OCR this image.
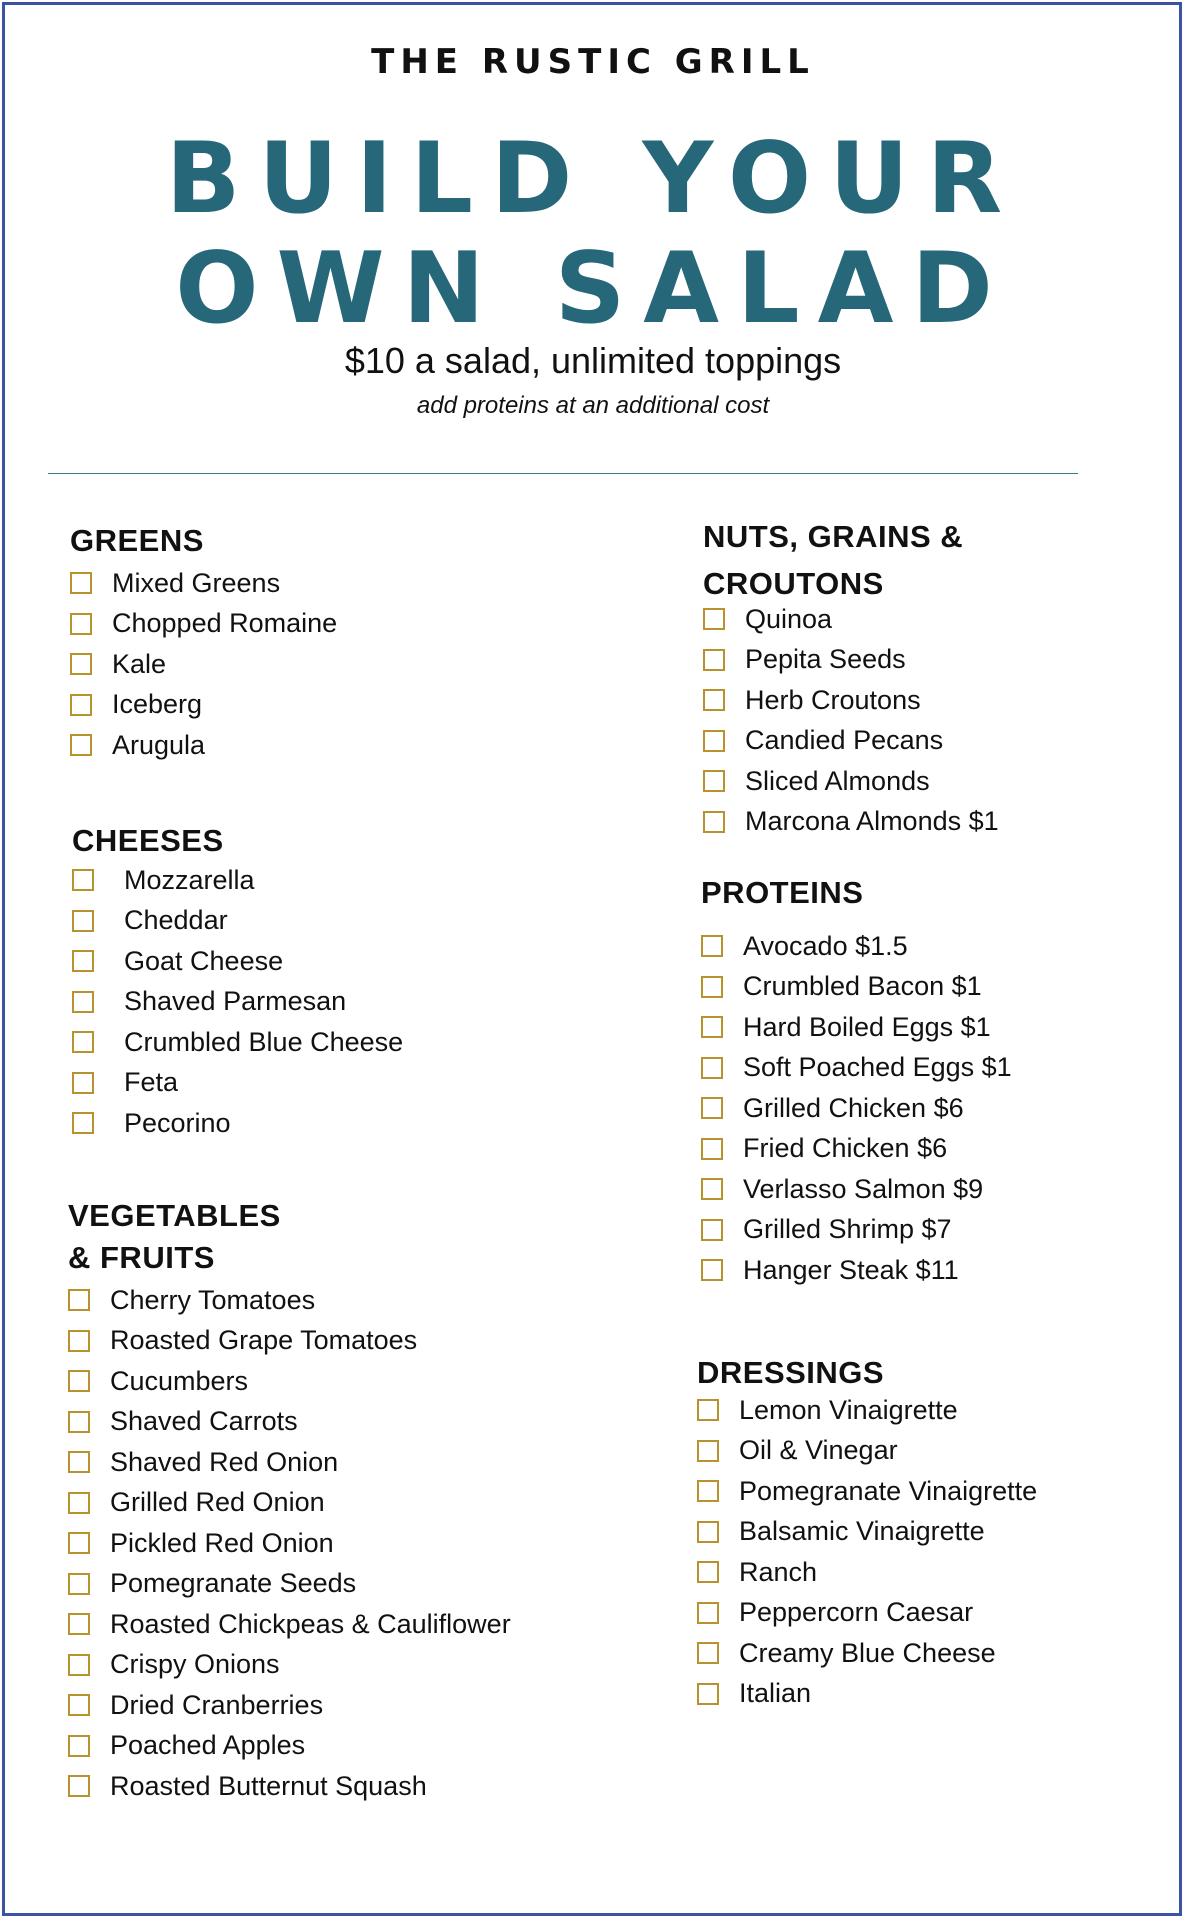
THE RUSTIC GRILL
BUILD YOUR
OWN SALAD
$10 a salad, unlimited toppings
add proteins at an additional cost
GREENS
Mixed Greens
Chopped Romaine
Kale
Iceberg
Arugula
CHEESES
Mozzarella
Cheddar
Goat Cheese
Shaved Parmesan
Crumbled Blue Cheese
Feta
Pecorino
VEGETABLES
& FRUITS
Cherry Tomatoes
Roasted Grape Tomatoes
Cucumbers
Shaved Carrots
Shaved Red Onion
Grilled Red Onion
Pickled Red Onion
Pomegranate Seeds
Roasted Chickpeas & Cauliflower
Crispy Onions
Dried Cranberries
Poached Apples
Roasted Butternut Squash
NUTS, GRAINS &
CROUTONS
Quinoa
Pepita Seeds
Herb Croutons
Candied Pecans
Sliced Almonds
Marcona Almonds $1
PROTEINS
Avocado $1.5
Crumbled Bacon $1
Hard Boiled Eggs $1
Soft Poached Eggs $1
Grilled Chicken $6
Fried Chicken $6
Verlasso Salmon $9
Grilled Shrimp $7
Hanger Steak $11
DRESSINGS
Lemon Vinaigrette
Oil & Vinegar
Pomegranate Vinaigrette
Balsamic Vinaigrette
Ranch
Peppercorn Caesar
Creamy Blue Cheese
Italian
